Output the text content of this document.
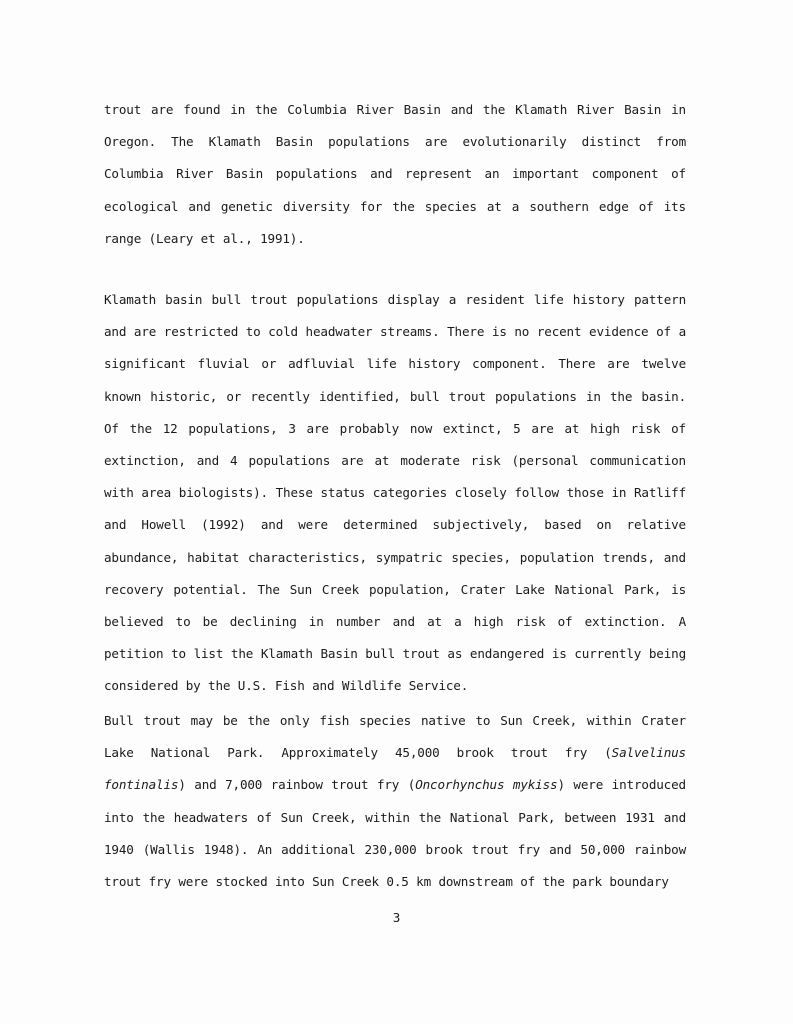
trout are found in the Columbia River Basin and the Klamath River Basin in Oregon. The Klamath Basin populations are evolutionarily distinct from Columbia River Basin populations and represent an important component of ecological and genetic diversity for the species at a southern edge of its range (Leary et al., 1991).

Klamath basin bull trout populations display a resident life history pattern and are restricted to cold headwater streams. There is no recent evidence of a significant fluvial or adfluvial life history component. There are twelve known historic, or recently identified, bull trout populations in the basin. Of the 12 populations, 3 are probably now extinct, 5 are at high risk of extinction, and 4 populations are at moderate risk (personal communication with area biologists). These status categories closely follow those in Ratliff and Howell (1992) and were determined subjectively, based on relative abundance, habitat characteristics, sympatric species, population trends, and recovery potential. The Sun Creek population, Crater Lake National Park, is believed to be declining in number and at a high risk of extinction. A petition to list the Klamath Basin bull trout as endangered is currently being considered by the U.S. Fish and Wildlife Service.

Bull trout may be the only fish species native to Sun Creek, within Crater Lake National Park. Approximately 45,000 brook trout fry (Salvelinus fontinalis) and 7,000 rainbow trout fry (Oncorhynchus mykiss) were introduced into the headwaters of Sun Creek, within the National Park, between 1931 and 1940 (Wallis 1948). An additional 230,000 brook trout fry and 50,000 rainbow trout fry were stocked into Sun Creek 0.5 km downstream of the park boundary

3
